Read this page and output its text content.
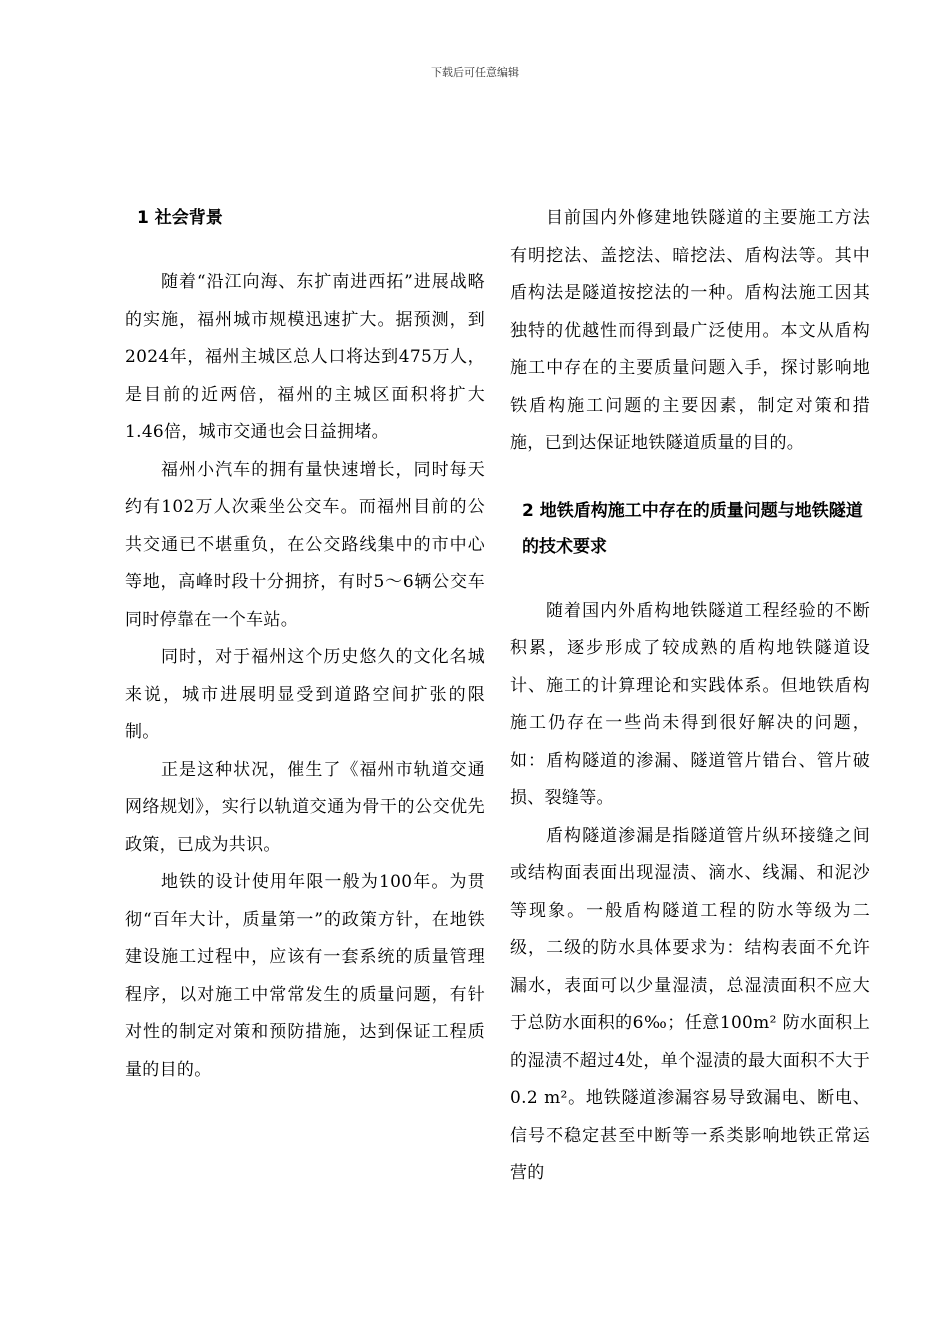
下载后可任意编辑
1 社会背景

随着“沿江向海、东扩南进西拓”进展战略的实施，福州城市规模迅速扩大。据预测，到2024年，福州主城区总人口将达到475万人，是目前的近两倍，福州的主城区面积将扩大1.46倍，城市交通也会日益拥堵。

福州小汽车的拥有量快速增长，同时每天约有102万人次乘坐公交车。而福州目前的公共交通已不堪重负，在公交路线集中的市中心等地，高峰时段十分拥挤，有时5～6辆公交车同时停靠在一个车站。

同时，对于福州这个历史悠久的文化名城来说，城市进展明显受到道路空间扩张的限制。

正是这种状况，催生了《福州市轨道交通网络规划》，实行以轨道交通为骨干的公交优先政策，已成为共识。

地铁的设计使用年限一般为100年。为贯彻“百年大计，质量第一”的政策方针，在地铁建设施工过程中，应该有一套系统的质量管理程序，以对施工中常常发生的质量问题，有针对性的制定对策和预防措施，达到保证工程质量的目的。

目前国内外修建地铁隧道的主要施工方法有明挖法、盖挖法、暗挖法、盾构法等。其中盾构法是隧道按挖法的一种。盾构法施工因其独特的优越性而得到最广泛使用。本文从盾构施工中存在的主要质量问题入手，探讨影响地铁盾构施工问题的主要因素，制定对策和措施，已到达保证地铁隧道质量的目的。

2 地铁盾构施工中存在的质量问题与地铁隧道的技术要求

随着国内外盾构地铁隧道工程经验的不断积累，逐步形成了较成熟的盾构地铁隧道设计、施工的计算理论和实践体系。但地铁盾构施工仍存在一些尚未得到很好解决的问题，如：盾构隧道的渗漏、隧道管片错台、管片破损、裂缝等。

盾构隧道渗漏是指隧道管片纵环接缝之间或结构面表面出现湿渍、滴水、线漏、和泥沙等现象。一般盾构隧道工程的防水等级为二级，二级的防水具体要求为：结构表面不允许漏水，表面可以少量湿渍，总湿渍面积不应大于总防水面积的6‰；任意100m² 防水面积上的湿渍不超过4处，单个湿渍的最大面积不大于0.2 m²。地铁隧道渗漏容易导致漏电、断电、信号不稳定甚至中断等一系类影响地铁正常运营的
